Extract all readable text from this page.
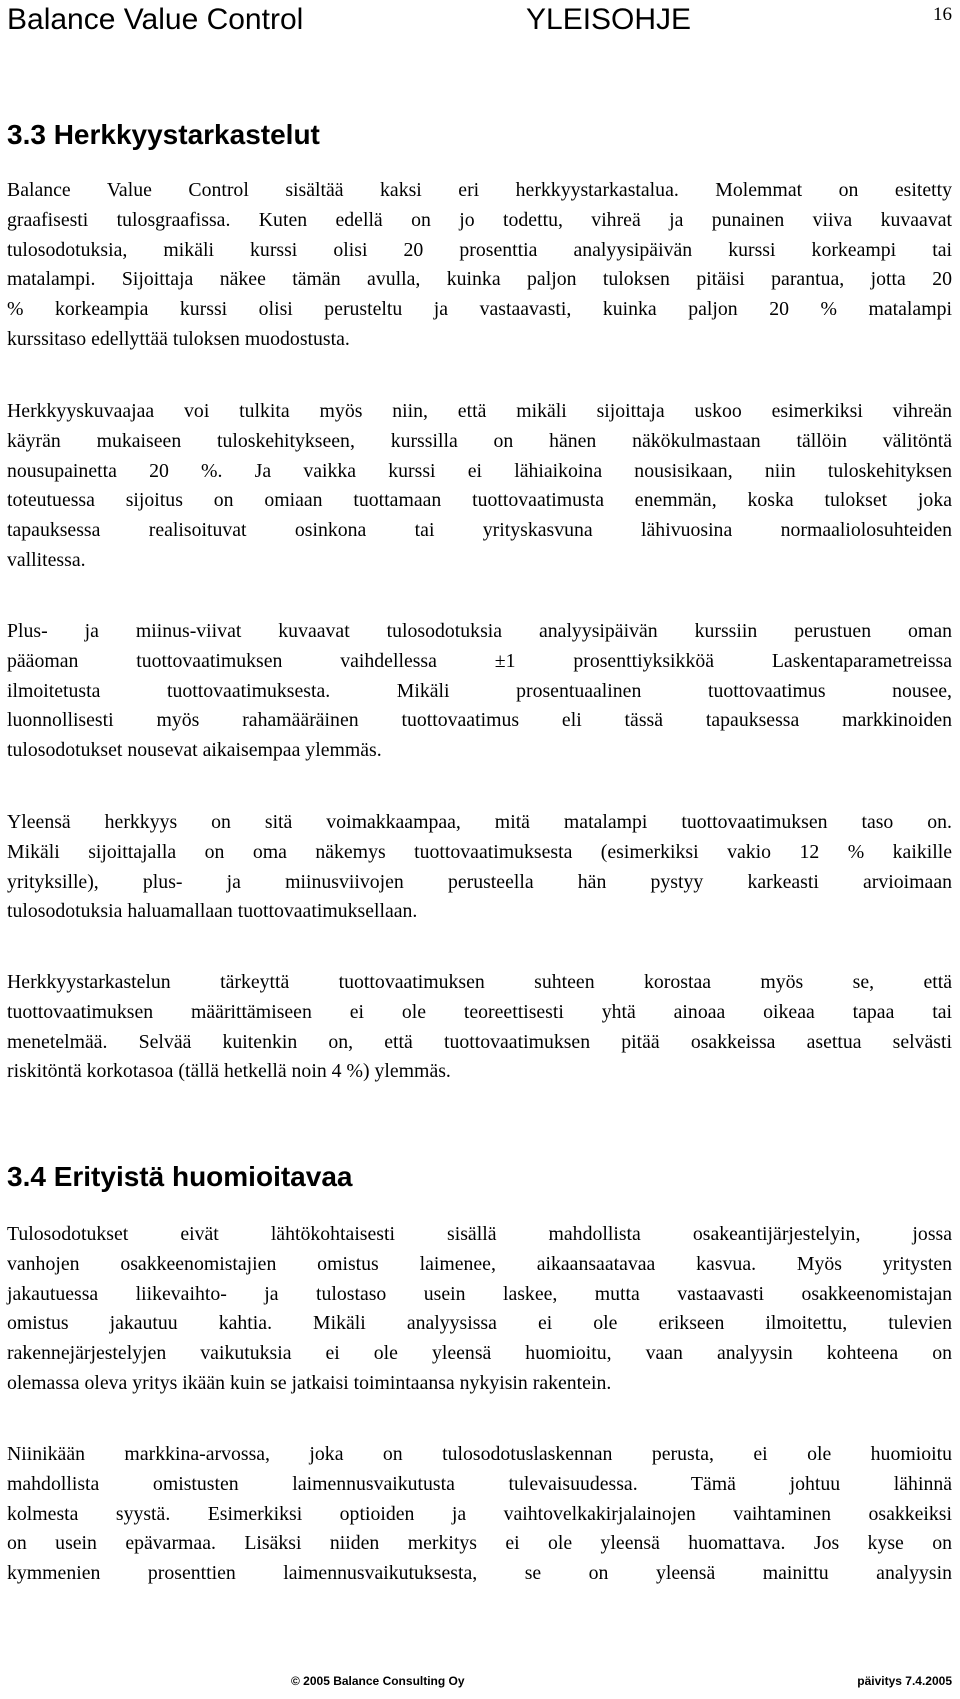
Balance Value Control	YLEISOHJE	16
3.3 Herkkyystarkastelut
Balance Value Control sisältää kaksi eri herkkyystarkastalua. Molemmat on esitetty
graafisesti tulosgraafissa. Kuten edellä on jo todettu, vihreä ja punainen viiva kuvaavat
tulosodotuksia, mikäli kurssi olisi 20 prosenttia analyysipäivän kurssi korkeampi tai
matalampi. Sijoittaja näkee tämän avulla, kuinka paljon tuloksen pitäisi parantua, jotta 20
% korkeampia kurssi olisi perusteltu ja vastaavasti, kuinka paljon 20 % matalampi
kurssitaso edellyttää tuloksen muodostusta.
Herkkyyskuvaajaa voi tulkita myös niin, että mikäli sijoittaja uskoo esimerkiksi vihreän
käyrän mukaiseen tuloskehitykseen, kurssilla on hänen näkökulmastaan tällöin välitöntä
nousupainetta 20 %. Ja vaikka kurssi ei lähiaikoina nousisikaan, niin tuloskehityksen
toteutuessa sijoitus on omiaan tuottamaan tuottovaatimusta enemmän, koska tulokset joka
tapauksessa realisoituvat osinkona tai yrityskasvuna lähivuosina normaaliolosuhteiden
vallitessa.
Plus- ja miinus-viivat kuvaavat tulosodotuksia analyysipäivän kurssiin perustuen oman
pääoman tuottovaatimuksen vaihdellessa ±1 prosenttiyksikköä Laskentaparametreissa
ilmoitetusta tuottovaatimuksesta. Mikäli prosentuaalinen tuottovaatimus nousee,
luonnollisesti myös rahamääräinen tuottovaatimus eli tässä tapauksessa markkinoiden
tulosodotukset nousevat aikaisempaa ylemmäs.
Yleensä herkkyys on sitä voimakkaampaa, mitä matalampi tuottovaatimuksen taso on.
Mikäli sijoittajalla on oma näkemys tuottovaatimuksesta (esimerkiksi vakio 12 % kaikille
yrityksille), plus- ja miinusviivojen perusteella hän pystyy karkeasti arvioimaan
tulosodotuksia haluamallaan tuottovaatimuksellaan.
Herkkyystarkastelun tärkeyttä tuottovaatimuksen suhteen korostaa myös se, että
tuottovaatimuksen määrittämiseen ei ole teoreettisesti yhtä ainoaa oikeaa tapaa tai
menetelmää. Selvää kuitenkin on, että tuottovaatimuksen pitää osakkeissa asettua selvästi
riskitöntä korkotasoa (tällä hetkellä noin 4 %) ylemmäs.
3.4 Erityistä huomioitavaa
Tulosodotukset eivät lähtökohtaisesti sisällä mahdollista osakeantijärjestelyin, jossa
vanhojen osakkeenomistajien omistus laimenee, aikaansaatavaa kasvua. Myös yritysten
jakautuessa liikevaihto- ja tulostaso usein laskee, mutta vastaavasti osakkeenomistajan
omistus jakautuu kahtia. Mikäli analyysissa ei ole erikseen ilmoitettu, tulevien
rakennejärjestelyjen vaikutuksia ei ole yleensä huomioitu, vaan analyysin kohteena on
olemassa oleva yritys ikään kuin se jatkaisi toimintaansa nykyisin rakentein.
Niinikään markkina-arvossa, joka on tulosodotuslaskennan perusta, ei ole huomioitu
mahdollista omistusten laimennusvaikutusta tulevaisuudessa. Tämä johtuu lähinnä
kolmesta syystä. Esimerkiksi optioiden ja vaihtovelkakirjalainojen vaihtaminen osakkeiksi
on usein epävarmaa. Lisäksi niiden merkitys ei ole yleensä huomattava. Jos kyse on
kymmenien prosenttien laimennusvaikutuksesta, se on yleensä mainittu analyysin
© 2005 Balance Consulting Oy	päivitys 7.4.2005
